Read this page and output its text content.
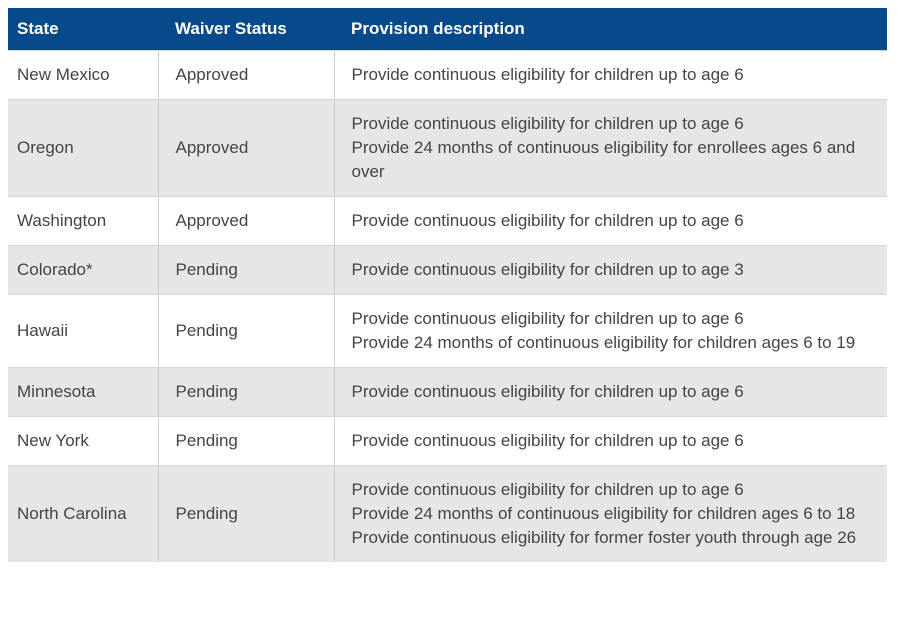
State	Waiver Status	Provision description
New Mexico	Approved	Provide continuous eligibility for children up to age 6

Oregon	Approved	Provide continuous eligibility for children up to age 6
Provide 24 months of continuous eligibility for enrollees ages 6 and over

Washington	Approved	Provide continuous eligibility for children up to age 6

Colorado*	Pending	Provide continuous eligibility for children up to age 3

Hawaii	Pending	Provide continuous eligibility for children up to age 6
Provide 24 months of continuous eligibility for children ages 6 to 19

Minnesota	Pending	Provide continuous eligibility for children up to age 6

New York	Pending	Provide continuous eligibility for children up to age 6

North Carolina	Pending	Provide continuous eligibility for children up to age 6
Provide 24 months of continuous eligibility for children ages 6 to 18
Provide continuous eligibility for former foster youth through age 26
